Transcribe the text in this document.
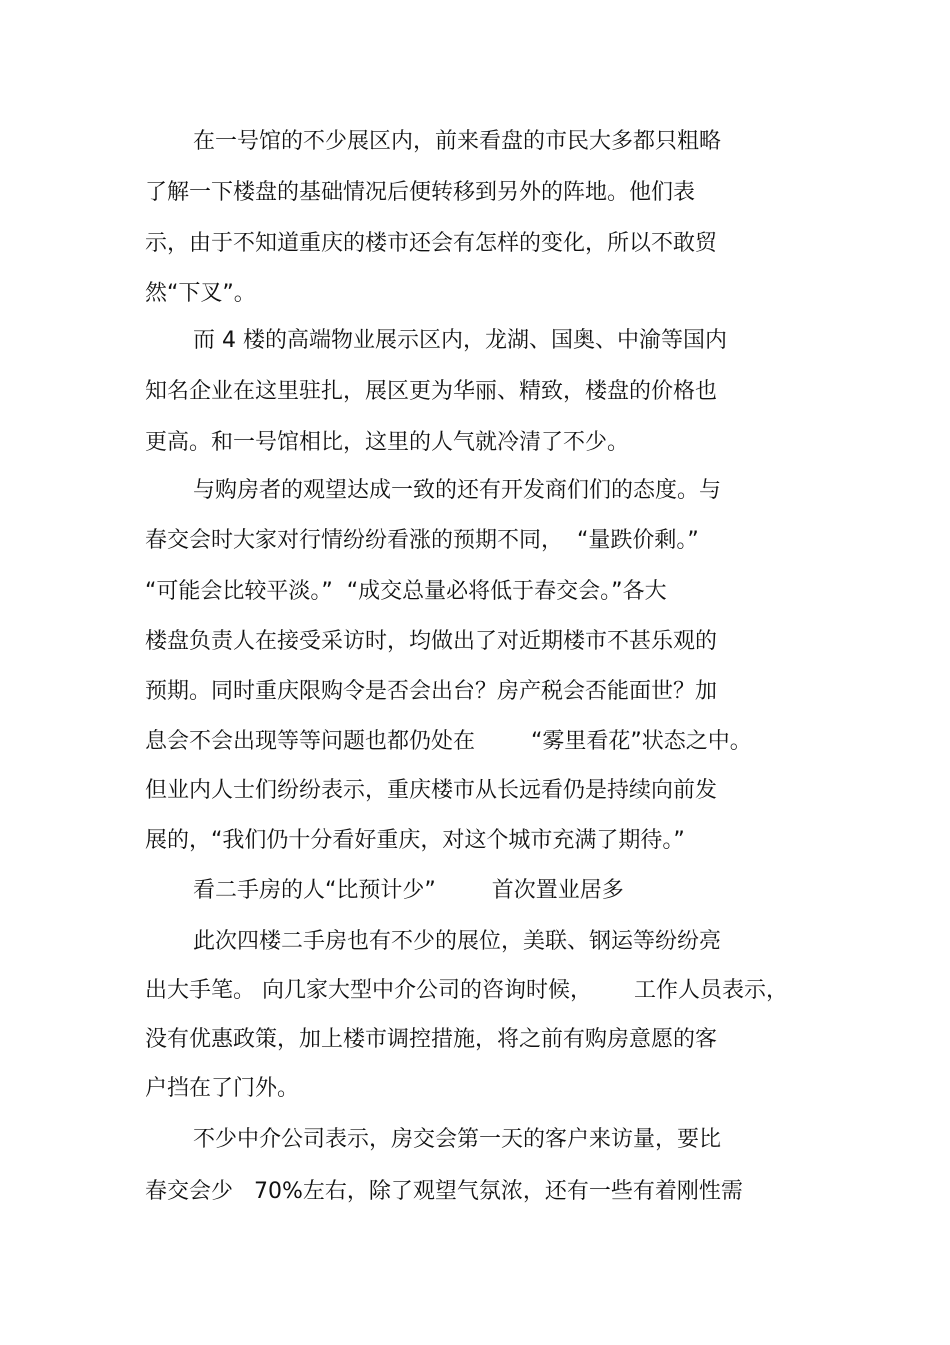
在一号馆的不少展区内，前来看盘的市民大多都只粗略
了解一下楼盘的基础情况后便转移到另外的阵地。他们表
示，由于不知道重庆的楼市还会有怎样的变化，所以不敢贸
然“下叉”。
而 4 楼的高端物业展示区内，龙湖、国奥、中渝等国内
知名企业在这里驻扎，展区更为华丽、精致，楼盘的价格也
更高。和一号馆相比，这里的人气就冷清了不少。
与购房者的观望达成一致的还有开发商们们的态度。与
春交会时大家对行情纷纷看涨的预期不同，  “量跌价剩。”
“可能会比较平淡。”  “成交总量必将低于春交会。”各大
楼盘负责人在接受采访时，均做出了对近期楼市不甚乐观的
预期。同时重庆限购令是否会出台？房产税会否能面世？加
息会不会出现等等问题也都仍处在        “雾里看花”状态之中。
但业内人士们纷纷表示，重庆楼市从长远看仍是持续向前发
展的，“我们仍十分看好重庆，对这个城市充满了期待。”
看二手房的人“比预计少”        首次置业居多
此次四楼二手房也有不少的展位，美联、钢运等纷纷亮
出大手笔。 向几家大型中介公司的咨询时候，      工作人员表示，
没有优惠政策，加上楼市调控措施，将之前有购房意愿的客
户挡在了门外。
不少中介公司表示，房交会第一天的客户来访量，要比
春交会少   70%左右，除了观望气氛浓，还有一些有着刚性需
